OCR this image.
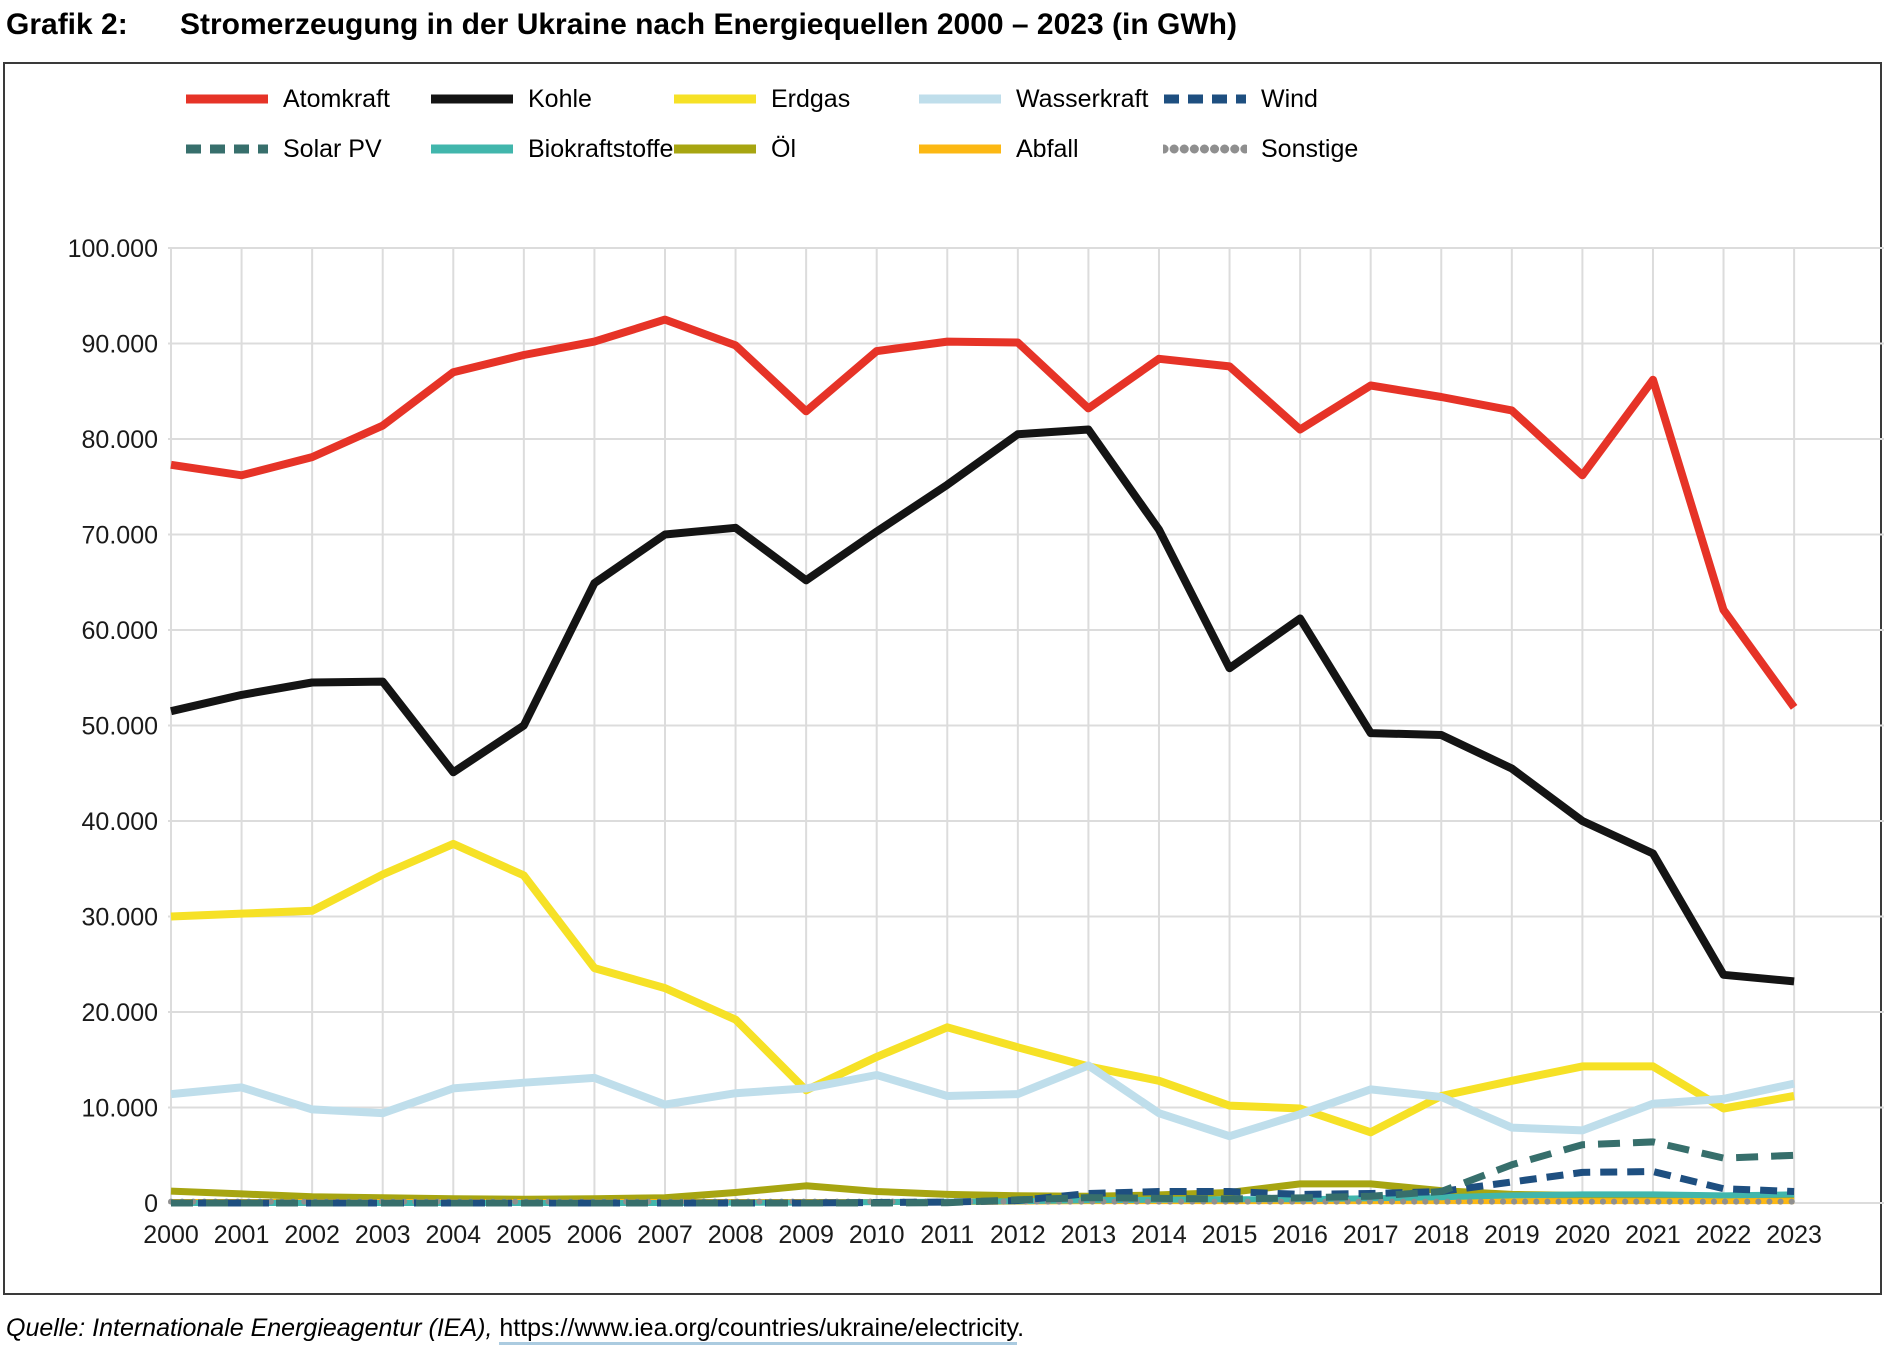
Grafik 2:	Stromerzeugung in der Ukraine nach Energiequellen 2000 – 2023 (in GWh)
0
10.000
20.000
30.000
40.000
50.000
60.000
70.000
80.000
90.000
100.000
2000 2001 2002 2003 2004 2005 2006 2007 2008 2009 2010 2011 2012 2013 2014 2015 2016 2017 2018 2019 2020 2021 2022 2023
Atomkraft	Kohle	Erdgas	Wasserkraft	Wind
Solar PV	Biokraftstoffe	Öl	Abfall	Sonstige
Quelle: Internationale Energieagentur (IEA), https://www.iea.org/countries/ukraine/electricity.
